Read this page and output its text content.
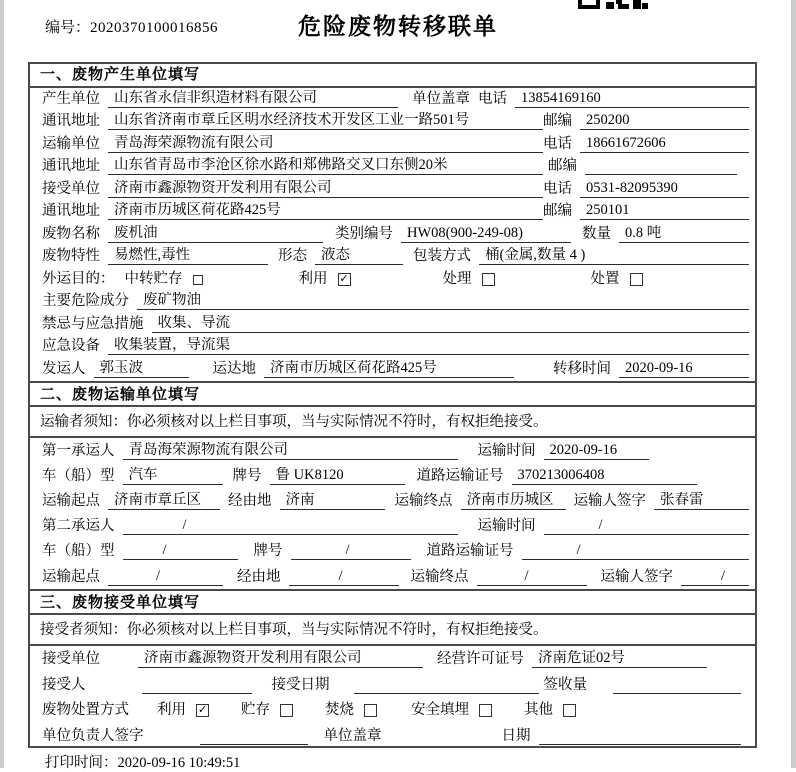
危险废物转移联单
编号：2020370100016856
一、废物产生单位填写
产生单位 山东省永信非织造材料有限公司	单位盖章 电话 13854169160
通讯地址 山东省济南市章丘区明水经济技术开发区工业一路501号	邮编 250200
运输单位 青岛海荣源物流有限公司	电话 18661672606
通讯地址 山东省青岛市李沧区徐水路和郑佛路交叉口东侧20米	邮编
接受单位 济南市鑫源物资开发利用有限公司	电话 0531-82095390
通讯地址 济南市历城区荷花路425号	邮编 250101
废物名称 废机油	类别编号 HW08(900-249-08)	数量 0.8 吨
废物特性 易燃性,毒性	形态 液态	包装方式 桶(金属,数量 4 )
外运目的： 中转贮存	利用	✓	处理	处置
主要危险成分 废矿物油
禁忌与应急措施 收集、导流
应急设备 收集装置，导流渠
发运人 郭玉波	运达地 济南市历城区荷花路425号	转移时间 2020-09-16
二、废物运输单位填写
运输者须知：你必须核对以上栏目事项，当与实际情况不符时，有权拒绝接受。
第一承运人 青岛海荣源物流有限公司	运输时间 2020-09-16
车（船）型 汽车	牌号 鲁 UK8120	道路运输证号 370213006408
运输起点 济南市章丘区	经由地 济南	运输终点 济南市历城区	运输人签字 张春雷
第二承运人	/	运输时间	/
车（船）型	/	牌号	/	道路运输证号	/
运输起点	/	经由地	/	运输终点	/	运输人签字	/
三、废物接受单位填写
接受者须知：你必须核对以上栏目事项，当与实际情况不符时，有权拒绝接受。
接受单位	济南市鑫源物资开发利用有限公司	经营许可证号 济南危证02号
接受人	接受日期	签收量
废物处置方式	利用	✓ 贮存	焚烧	安全填埋	其他
单位负责人签字	单位盖章	日期
打印时间：2020-09-16 10:49:51
